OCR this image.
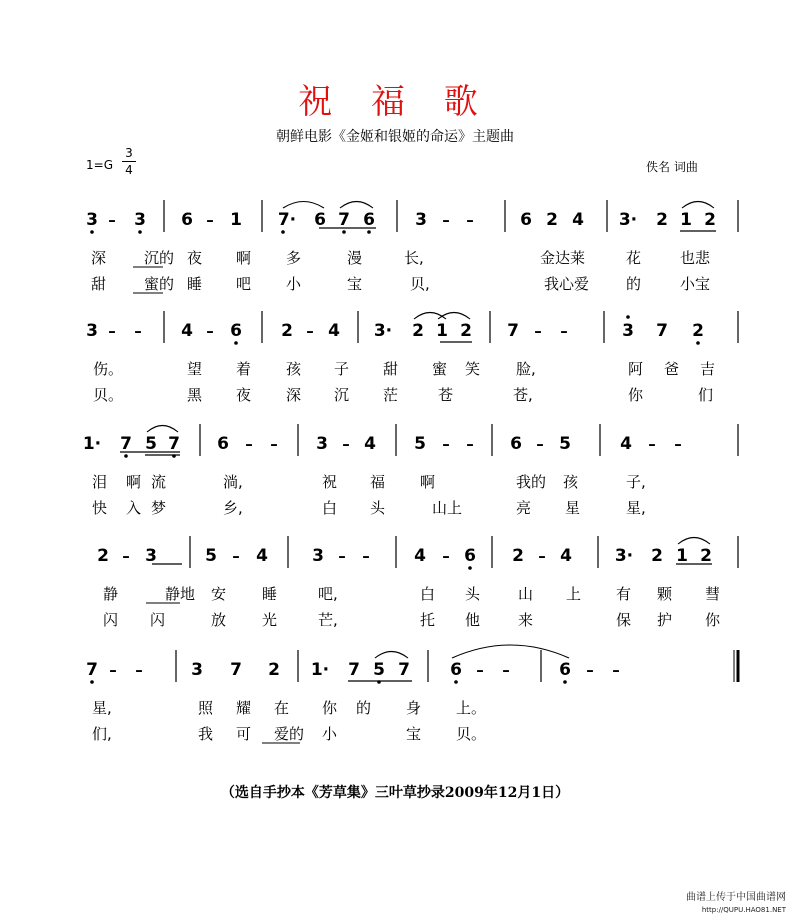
祝 福 歌
朝鲜电影《金姬和银姬的命运》主题曲
1=G
3
4	佚名 词曲
3 – 3 6 – 1 7· 6 7 6 3 – –	6 2 4 3· 2 1 2
深	沉的 夜 啊 多	漫	长,	金达莱	花	也悲
甜	蜜的 睡 吧 小	宝	贝,	我心爱 的	小宝
3 – – 4 – 6 2 – 4 3· 2 1 2 7 – –	3 7 2
伤。	望 着 孩 子 甜 蜜 笑 脸,	阿 爸 吉
贝。	黑 夜 深 沉 茫	苍	苍,	你	们
1· 7 5 7 6 – – 3 – 4 5 – – 6 – 5	4 – –
泪 啊 流	淌,	祝 福 啊	我的 孩	子,
快 入 梦	乡,	白 头	山上	亮 星	星,
2 – 3	5 – 4	3 – –	4 – 6 2 – 4	3· 2 1 2
静	静地 安 睡	吧,	白 头	山 上 有 颗 彗
闪 闪	放 光	芒,	托 他	来	保 护 你
7 – –	3 7 2 1· 7 5 7 6 – –	6 – –
星,	照 耀 在 你 的 身 上。
们,	我 可 爱的 小	宝 贝。
（选自手抄本《芳草集》三叶草抄录2009年12月1日）
曲谱上传于中国曲谱网
http://QUPU.HAO81.NET
